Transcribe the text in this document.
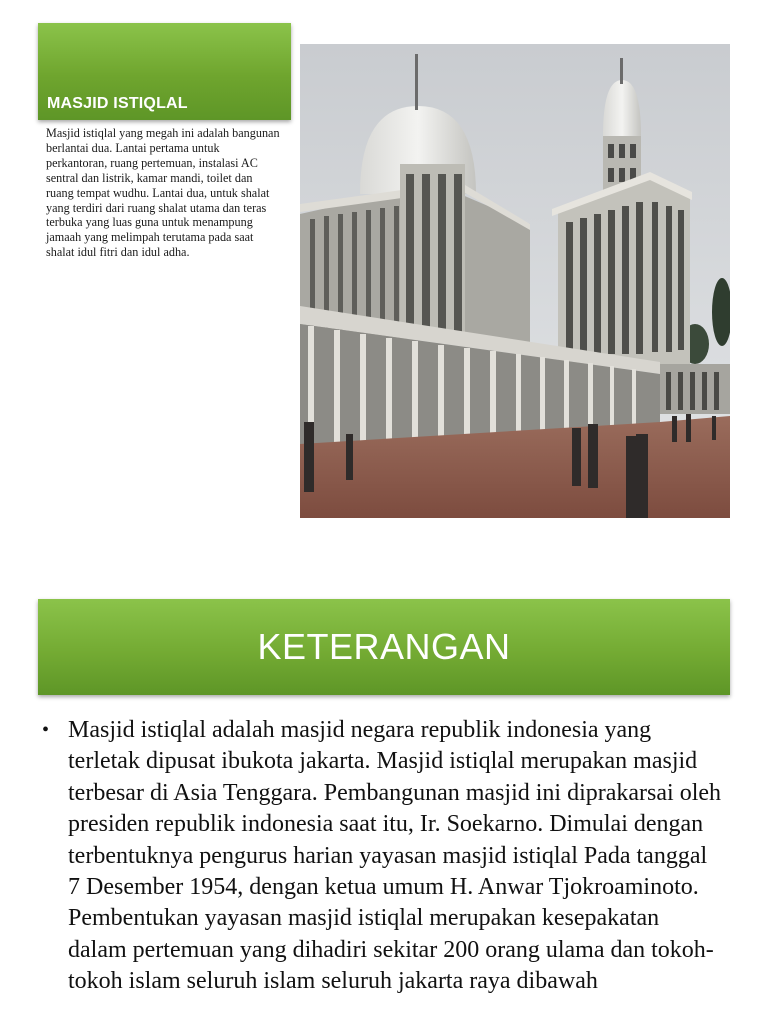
MASJID ISTIQLAL
Masjid istiqlal yang megah ini adalah bangunan berlantai dua. Lantai pertama untuk perkantoran, ruang pertemuan, instalasi AC sentral dan listrik, kamar mandi, toilet dan ruang tempat wudhu. Lantai dua, untuk shalat yang terdiri dari ruang shalat utama dan teras terbuka yang luas guna untuk menampung jamaah yang melimpah terutama pada saat shalat idul fitri dan idul adha.
KETERANGAN
• Masjid istiqlal adalah masjid negara republik indonesia yang terletak dipusat ibukota jakarta. Masjid istiqlal merupakan masjid terbesar di Asia Tenggara. Pembangunan masjid ini diprakarsai oleh presiden republik indonesia saat itu, Ir. Soekarno. Dimulai dengan terbentuknya pengurus harian yayasan masjid istiqlal Pada tanggal 7 Desember 1954, dengan ketua umum H. Anwar Tjokroaminoto. Pembentukan yayasan masjid istiqlal merupakan kesepakatan dalam pertemuan yang dihadiri sekitar 200 orang ulama dan tokoh-tokoh islam seluruh islam seluruh jakarta raya dibawah
